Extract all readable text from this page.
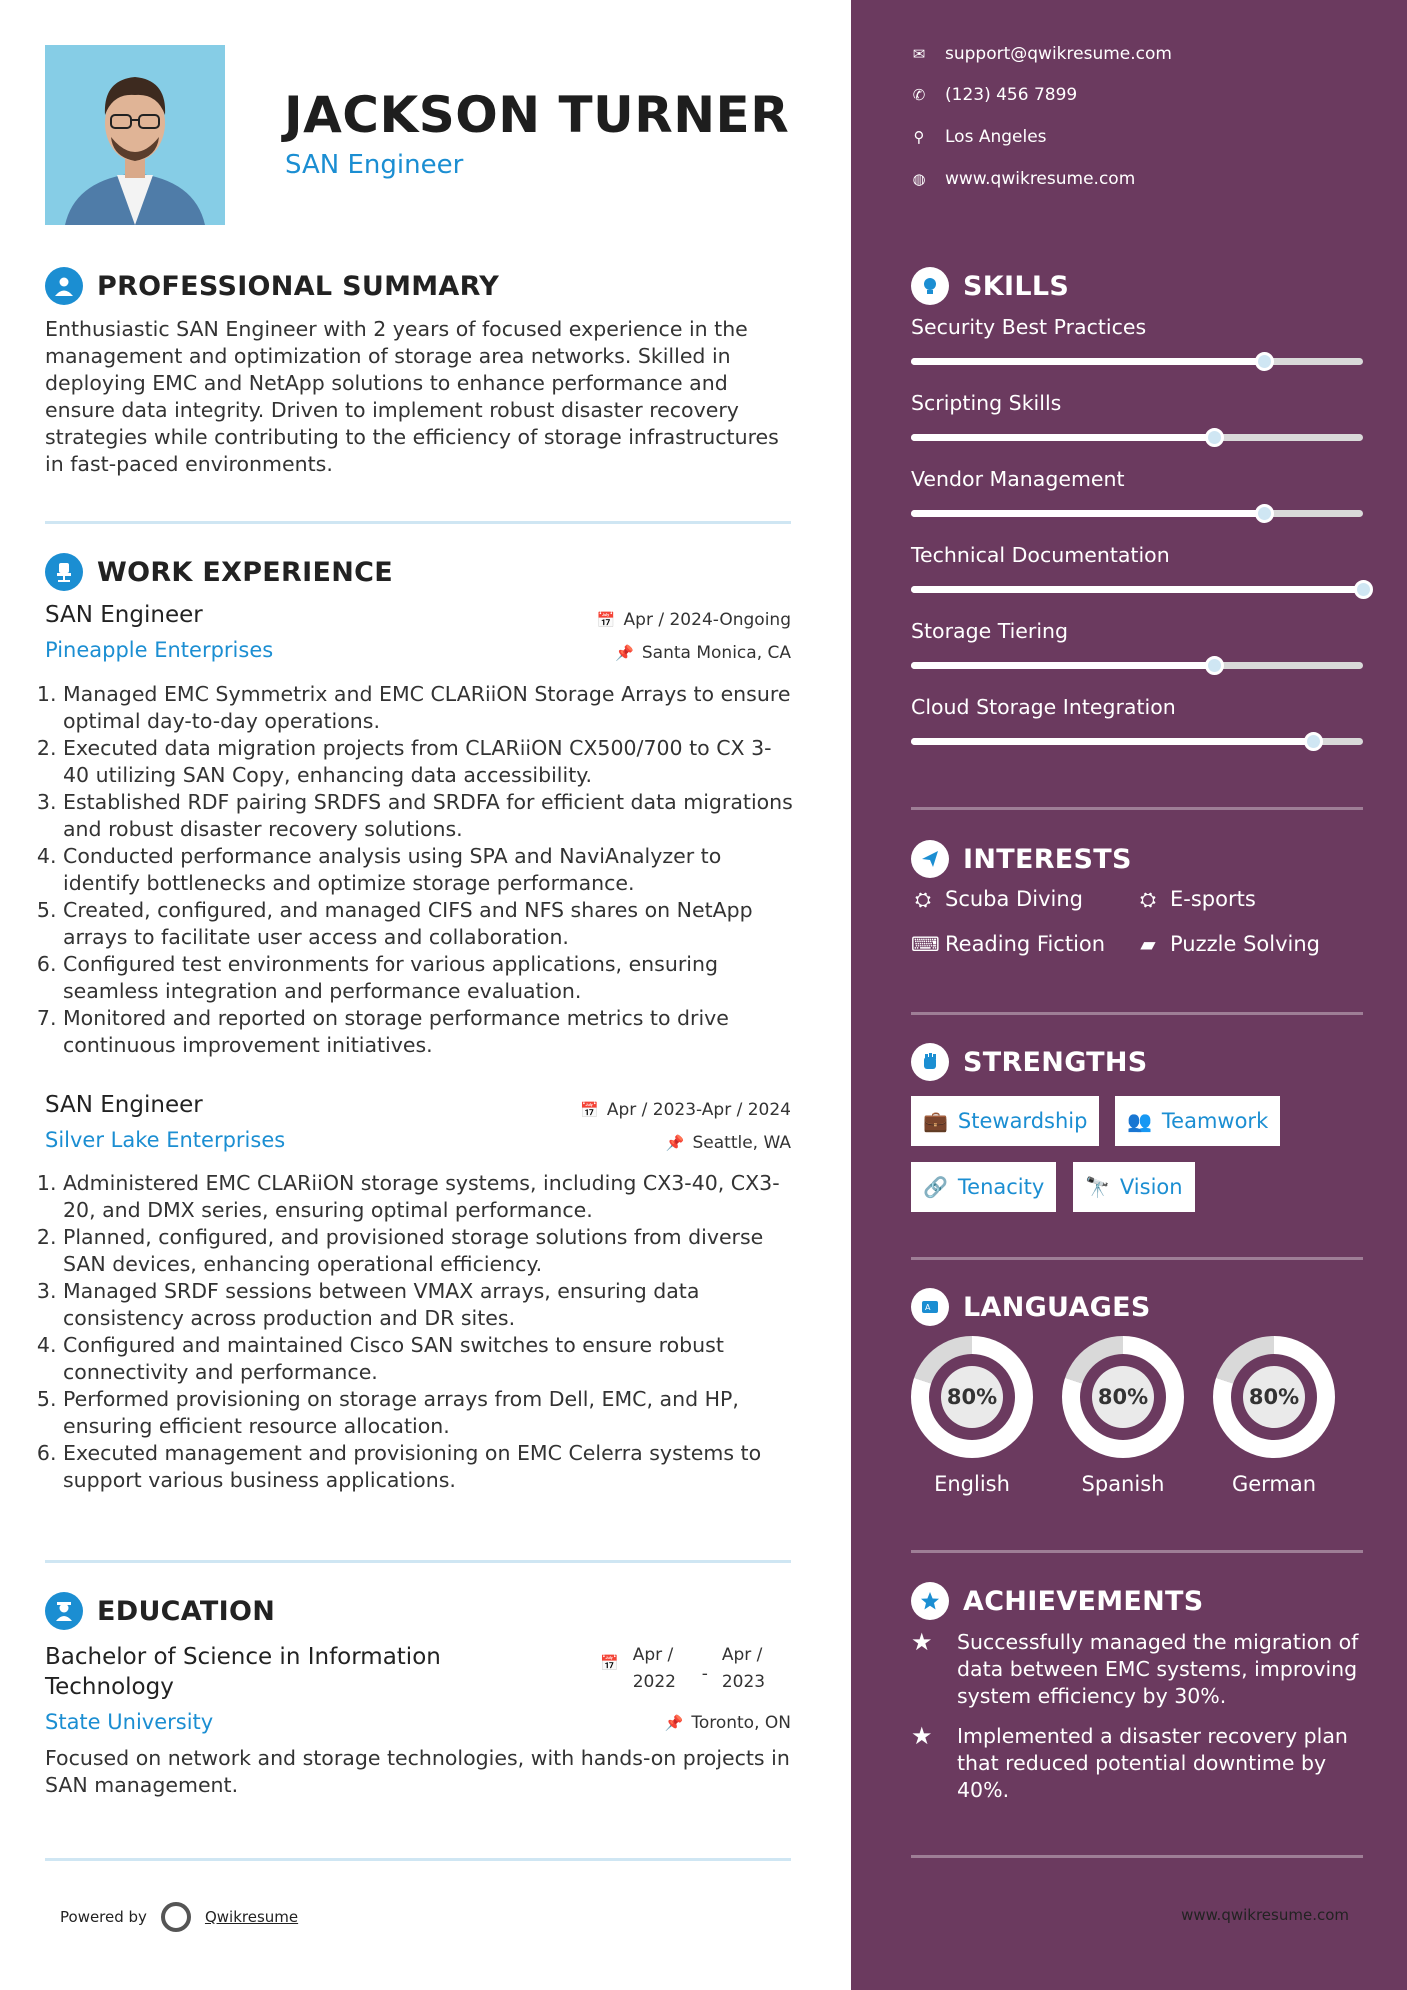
JACKSON TURNER
SAN Engineer
PROFESSIONAL SUMMARY
Enthusiastic SAN Engineer with 2 years of focused experience in the management and optimization of storage area networks. Skilled in deploying EMC and NetApp solutions to enhance performance and ensure data integrity. Driven to implement robust disaster recovery strategies while contributing to the efficiency of storage infrastructures in fast-paced environments.
WORK EXPERIENCE
SAN Engineer	📅 Apr / 2024-Ongoing
Pineapple Enterprises	📌 Santa Monica, CA
1. Managed EMC Symmetrix and EMC CLARiiON Storage Arrays to ensure optimal day-to-day operations.
2. Executed data migration projects from CLARiiON CX500/700 to CX 3-40 utilizing SAN Copy, enhancing data accessibility.
3. Established RDF pairing SRDFS and SRDFA for efficient data migrations and robust disaster recovery solutions.
4. Conducted performance analysis using SPA and NaviAnalyzer to identify bottlenecks and optimize storage performance.
5. Created, configured, and managed CIFS and NFS shares on NetApp arrays to facilitate user access and collaboration.
6. Configured test environments for various applications, ensuring seamless integration and performance evaluation.
7. Monitored and reported on storage performance metrics to drive continuous improvement initiatives.
SAN Engineer	📅 Apr / 2023-Apr / 2024
Silver Lake Enterprises	📌 Seattle, WA
1. Administered EMC CLARiiON storage systems, including CX3-40, CX3-20, and DMX series, ensuring optimal performance.
2. Planned, configured, and provisioned storage solutions from diverse SAN devices, enhancing operational efficiency.
3. Managed SRDF sessions between VMAX arrays, ensuring data consistency across production and DR sites.
4. Configured and maintained Cisco SAN switches to ensure robust connectivity and performance.
5. Performed provisioning on storage arrays from Dell, EMC, and HP, ensuring efficient resource allocation.
6. Executed management and provisioning on EMC Celerra systems to support various business applications.
EDUCATION
Bachelor of Science in Information Technology
📅 Apr / 2022	-
Apr / 2023
State University	📌 Toronto, ON
Focused on network and storage technologies, with hands-on projects in SAN management.
Powered by	Qwikresume
✉ support@qwikresume.com
✆ (123) 456 7899
⚲ Los Angeles
◍ www.qwikresume.com
SKILLS
Security Best Practices
Scripting Skills
Vendor Management
Technical Documentation
Storage Tiering
Cloud Storage Integration
INTERESTS
⛭ Scuba Diving	⛭ E-sports
⌨ Reading Fiction ▰ Puzzle Solving
STRENGTHS
💼 Stewardship 👥 Teamwork
🔗 Tenacity 🔭 Vision
A LANGUAGES
80%
English
80%
Spanish
80%
German
ACHIEVEMENTS
★	Successfully managed the migration of data between EMC systems, improving system efficiency by 30%.
★	Implemented a disaster recovery plan that reduced potential downtime by 40%.
www.qwikresume.com
